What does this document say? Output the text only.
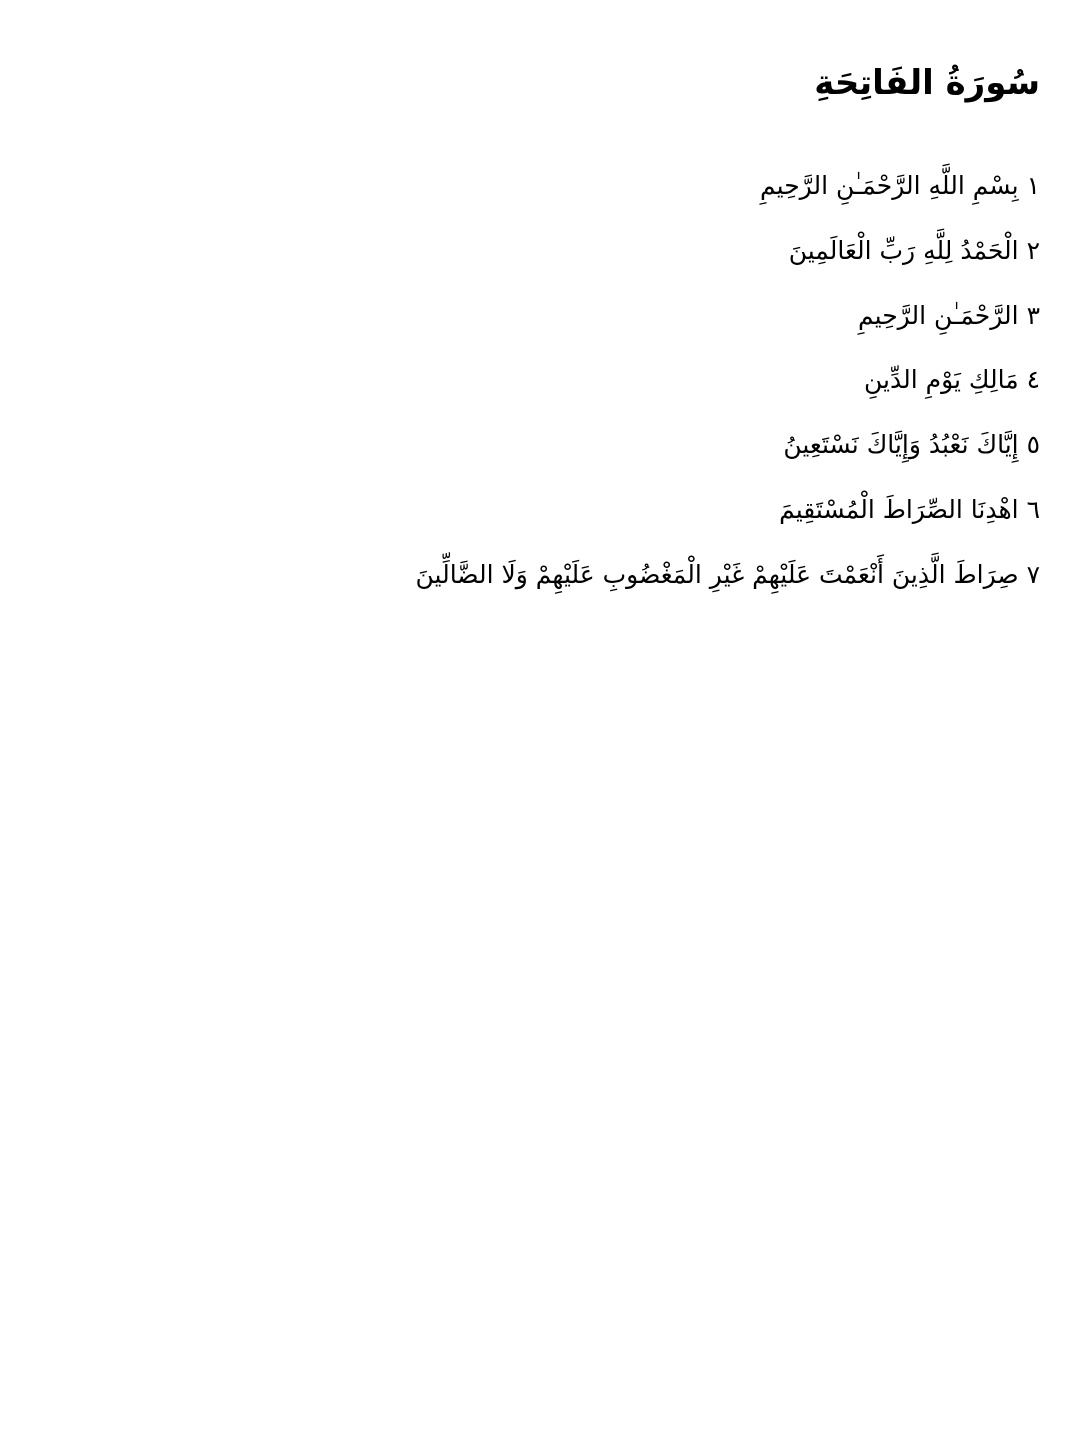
سُورَةُ الفَاتِحَةِ
١ بِسْمِ اللَّهِ الرَّحْمَـٰنِ الرَّحِيمِ
٢ الْحَمْدُ لِلَّهِ رَبِّ الْعَالَمِينَ
٣ الرَّحْمَـٰنِ الرَّحِيمِ
٤ مَالِكِ يَوْمِ الدِّينِ
٥ إِيَّاكَ نَعْبُدُ وَإِيَّاكَ نَسْتَعِينُ
٦ اهْدِنَا الصِّرَاطَ الْمُسْتَقِيمَ
٧ صِرَاطَ الَّذِينَ أَنْعَمْتَ عَلَيْهِمْ غَيْرِ الْمَغْضُوبِ عَلَيْهِمْ وَلَا الضَّالِّينَ
